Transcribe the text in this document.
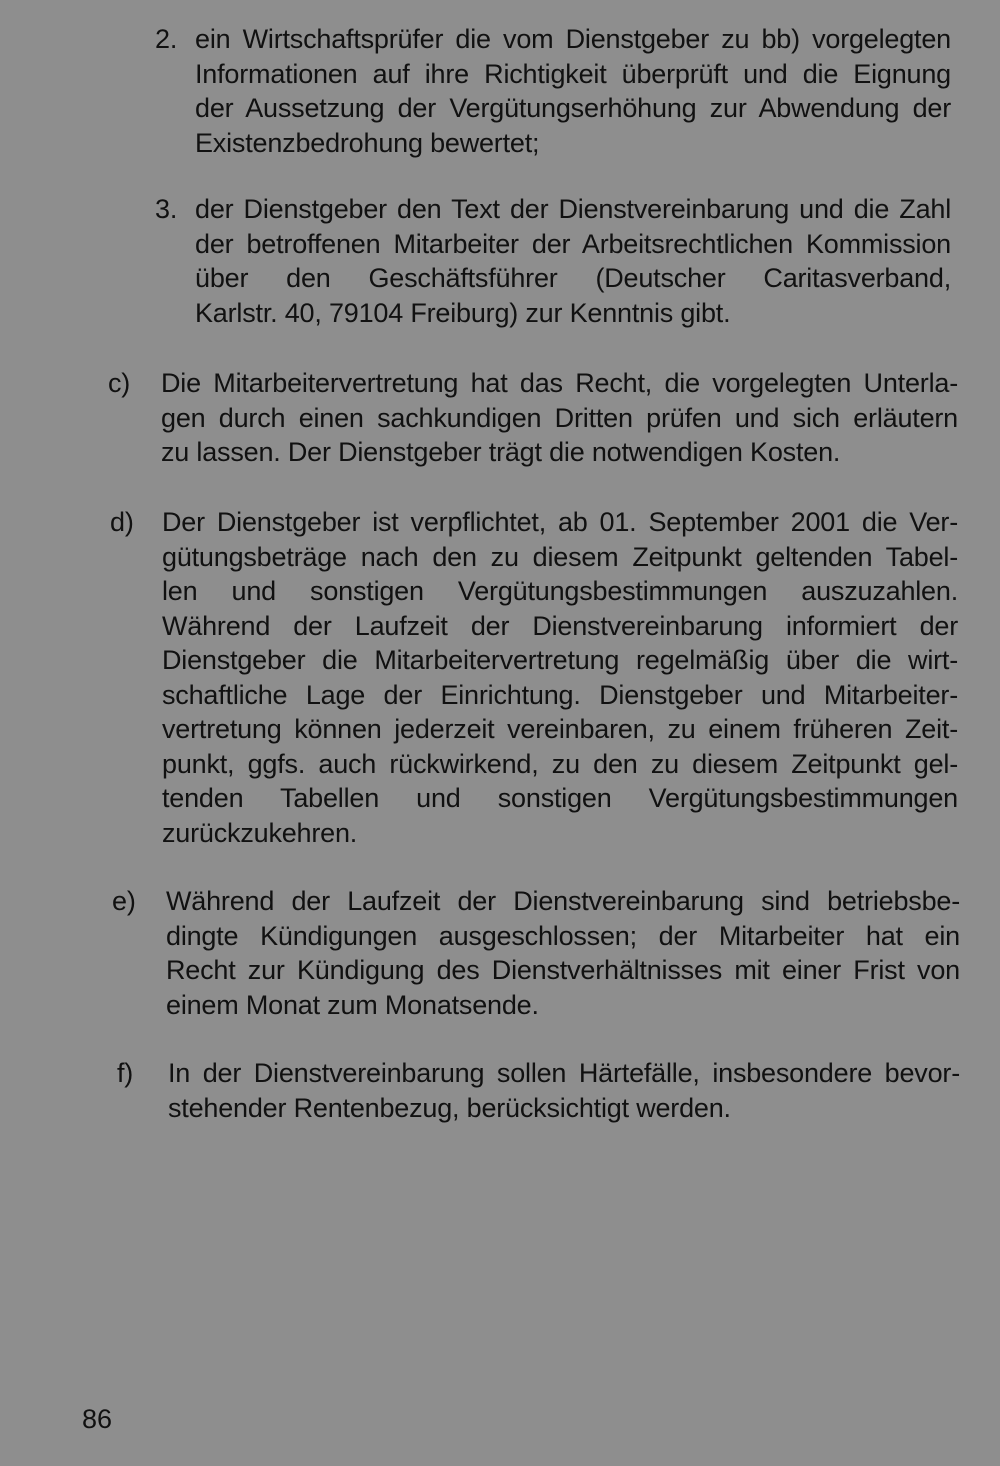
2. ein Wirtschaftsprüfer die vom Dienstgeber zu bb) vorgelegten
Informationen auf ihre Richtigkeit überprüft und die Eignung
der Aussetzung der Vergütungserhöhung zur Abwendung der
Existenzbedrohung bewertet;
3. der Dienstgeber den Text der Dienstvereinbarung und die Zahl
der betroffenen Mitarbeiter der Arbeitsrechtlichen Kommission
über den Geschäftsführer (Deutscher Caritasverband,
Karlstr. 40, 79104 Freiburg) zur Kenntnis gibt.
c) Die Mitarbeitervertretung hat das Recht, die vorgelegten Unterla-
gen durch einen sachkundigen Dritten prüfen und sich erläutern
zu lassen. Der Dienstgeber trägt die notwendigen Kosten.
d) Der Dienstgeber ist verpflichtet, ab 01. September 2001 die Ver-
gütungsbeträge nach den zu diesem Zeitpunkt geltenden Tabel-
len und sonstigen Vergütungsbestimmungen auszuzahlen.
Während der Laufzeit der Dienstvereinbarung informiert der
Dienstgeber die Mitarbeitervertretung regelmäßig über die wirt-
schaftliche Lage der Einrichtung. Dienstgeber und Mitarbeiter-
vertretung können jederzeit vereinbaren, zu einem früheren Zeit-
punkt, ggfs. auch rückwirkend, zu den zu diesem Zeitpunkt gel-
tenden Tabellen und sonstigen Vergütungsbestimmungen
zurückzukehren.
e) Während der Laufzeit der Dienstvereinbarung sind betriebsbe-
dingte Kündigungen ausgeschlossen; der Mitarbeiter hat ein
Recht zur Kündigung des Dienstverhältnisses mit einer Frist von
einem Monat zum Monatsende.
f) In der Dienstvereinbarung sollen Härtefälle, insbesondere bevor-
stehender Rentenbezug, berücksichtigt werden.
86
